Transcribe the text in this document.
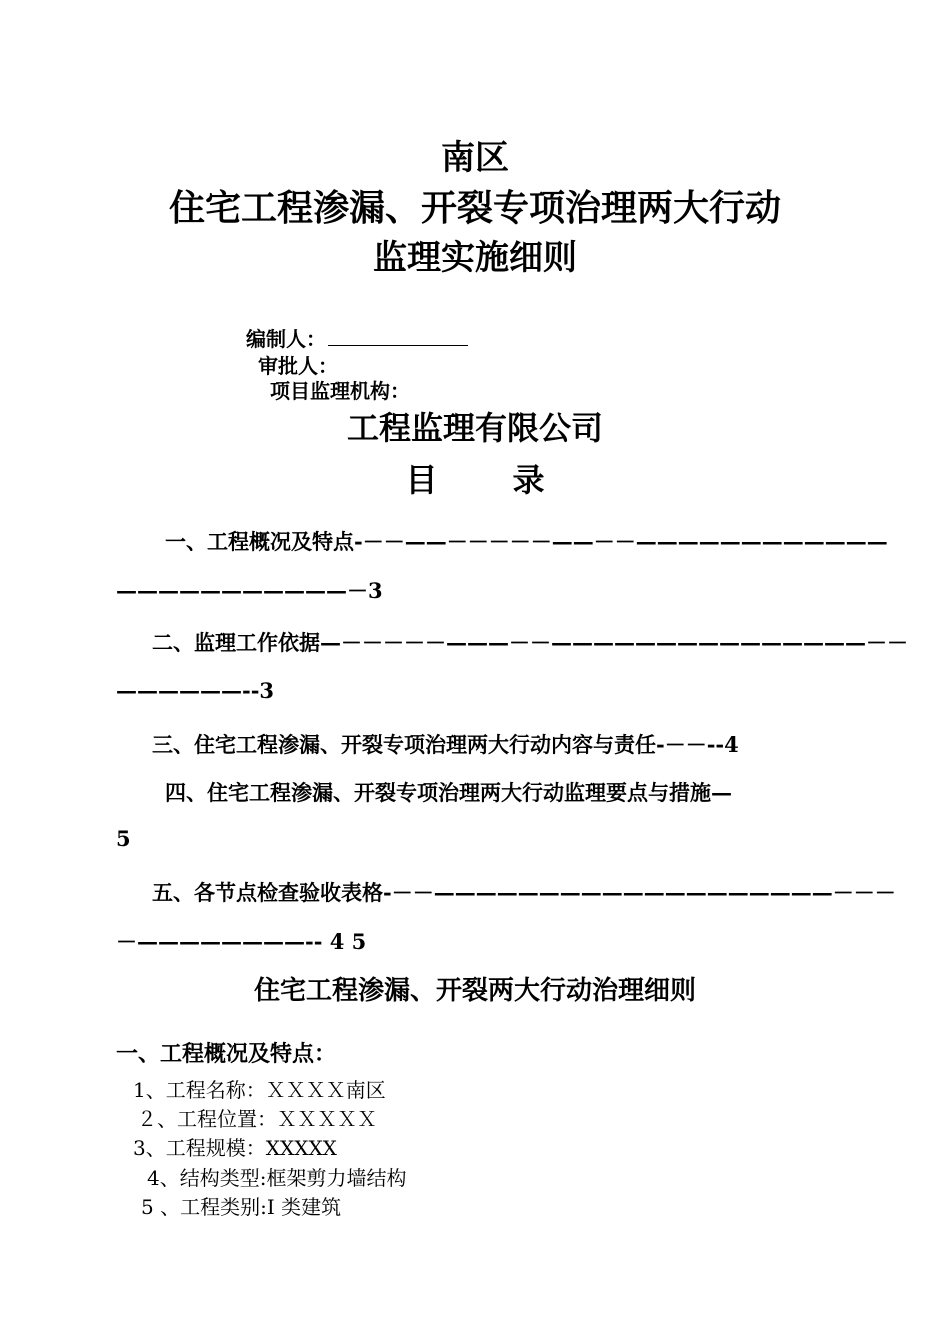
南区
住宅工程渗漏、开裂专项治理两大行动
监理实施细则
编制人：
审批人：
项目监理机构：
工程监理有限公司
目 录
一、工程概况及特点-－－——－－－－－——－－————————————
———————————－3
二、监理工作依据—－－－－－———－－———————————————－－
——————--3
三、住宅工程渗漏、开裂专项治理两大行动内容与责任-－－--4
四、住宅工程渗漏、开裂专项治理两大行动监理要点与措施—
5
五、各节点检查验收表格-－－———————————————————－－－
－————————-- 4 5
住宅工程渗漏、开裂两大行动治理细则
一、工程概况及特点：
1、工程名称：ＸＸＸＸ南区
２、工程位置：ＸＸＸＸＸ
3、工程规模：XXXXX
4、结构类型:框架剪力墙结构
5 、工程类别:Ⅰ 类建筑
